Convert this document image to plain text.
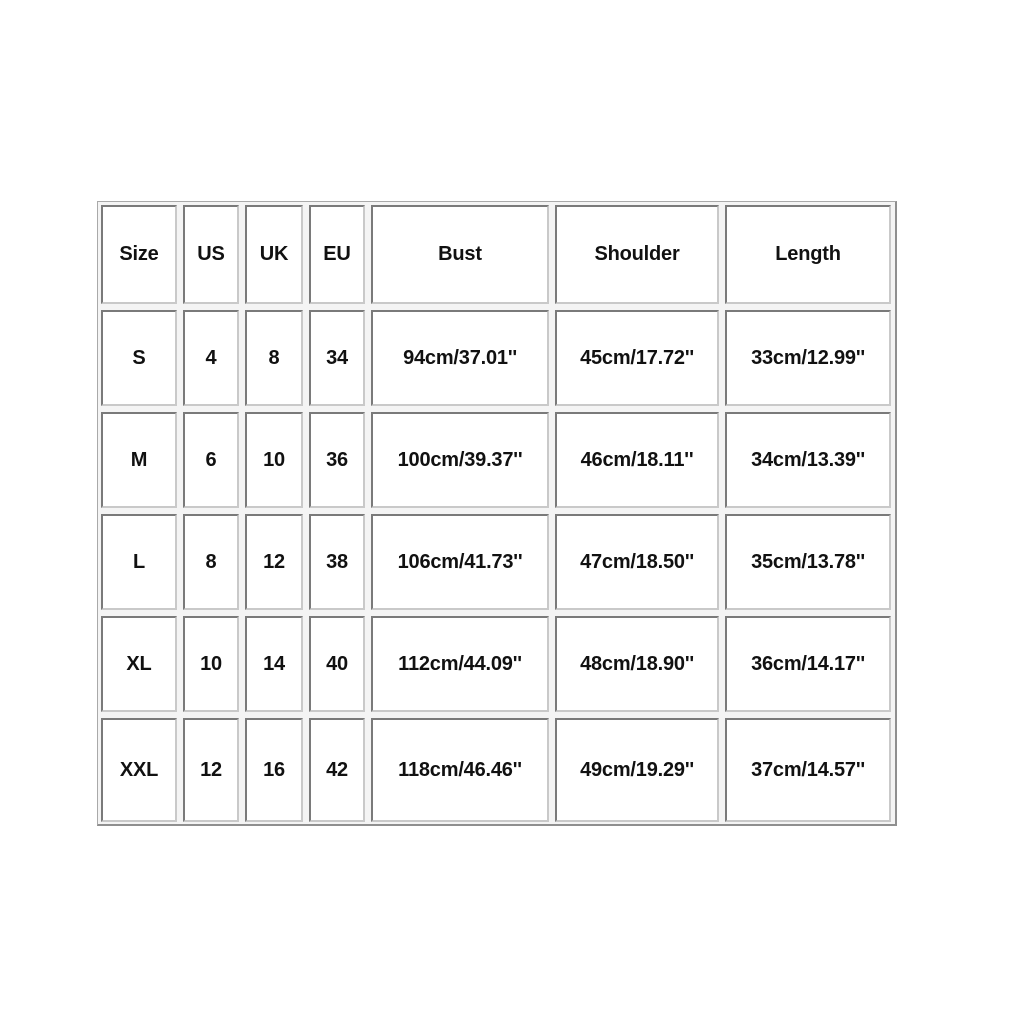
Size	US	UK	EU	Bust	Shoulder	Length
S	4	8	34	94cm/37.01''	45cm/17.72''	33cm/12.99''
M	6	10	36	100cm/39.37''	46cm/18.11''	34cm/13.39''
L	8	12	38	106cm/41.73''	47cm/18.50''	35cm/13.78''
XL	10	14	40	112cm/44.09''	48cm/18.90''	36cm/14.17''
XXL	12	16	42	118cm/46.46''	49cm/19.29''	37cm/14.57''
